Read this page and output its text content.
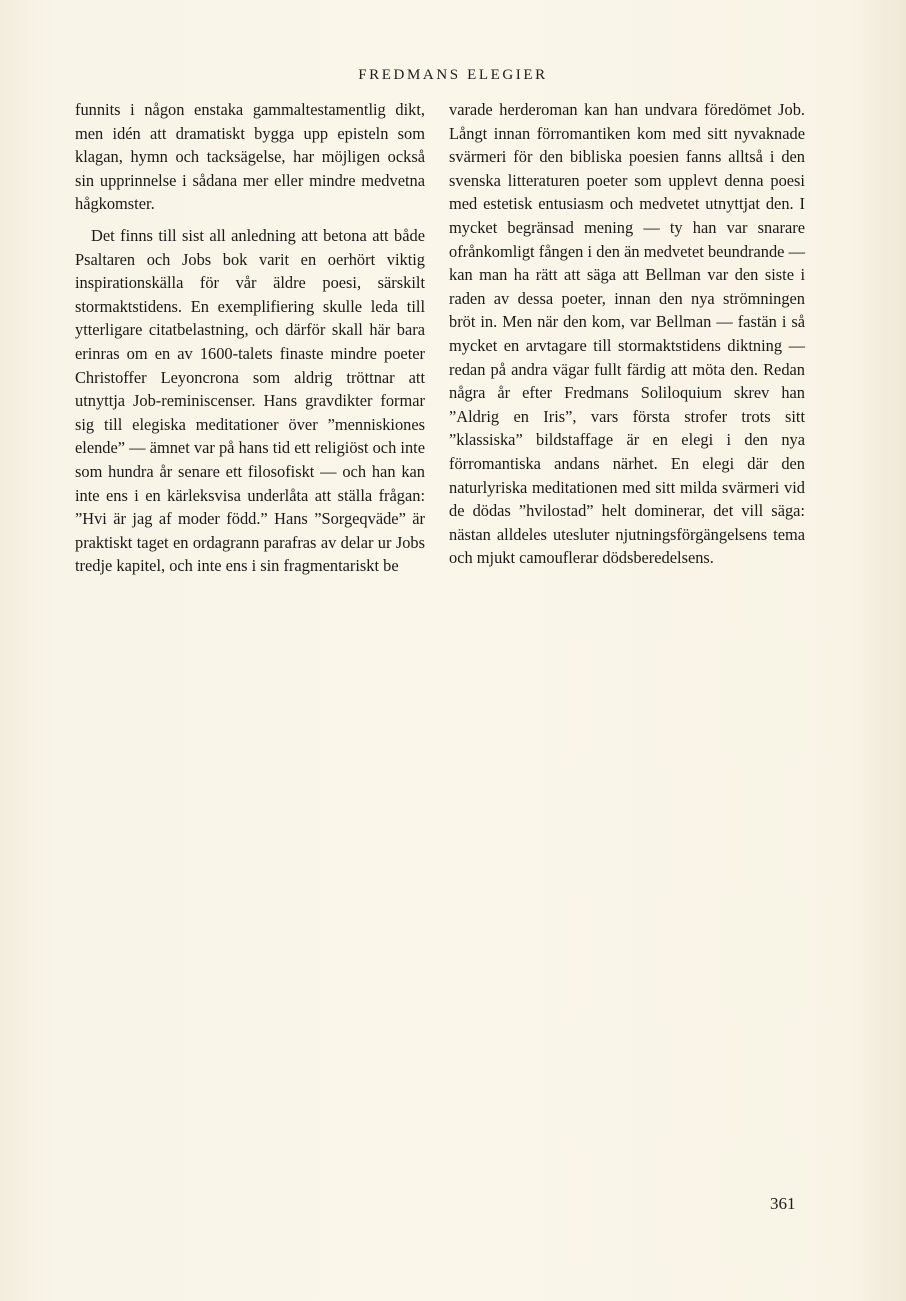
FREDMANS ELEGIER

funnits i någon enstaka gammaltestamentlig dikt, men idén att dramatiskt bygga upp episteln som klagan, hymn och tacksägelse, har möjligen också sin upprinnelse i sådana mer eller mindre medvetna hågkomster.

Det finns till sist all anledning att betona att både Psaltaren och Jobs bok varit en oerhört viktig inspirationskälla för vår äldre poesi, särskilt stormaktstidens. En exemplifiering skulle leda till ytterligare citatbelastning, och därför skall här bara erinras om en av 1600-talets finaste mindre poeter Christoffer Leyoncrona som aldrig tröttnar att utnyttja Job-reminiscenser. Hans gravdikter formar sig till elegiska meditationer över ”menniskiones elende” — ämnet var på hans tid ett religiöst och inte som hundra år senare ett filosofiskt — och han kan inte ens i en kärleksvisa underlåta att ställa frågan: ”Hvi är jag af moder född.” Hans ”Sorgeqväde” är praktiskt taget en ordagrann parafras av delar ur Jobs tredje kapitel, och inte ens i sin fragmentariskt be

varade herderoman kan han undvara föredömet Job. Långt innan förromantiken kom med sitt nyvaknade svärmeri för den bibliska poesien fanns alltså i den svenska litteraturen poeter som upplevt denna poesi med estetisk entusiasm och medvetet utnyttjat den. I mycket begränsad mening — ty han var snarare ofrånkomligt fången i den än medvetet beundrande — kan man ha rätt att säga att Bellman var den siste i raden av dessa poeter, innan den nya strömningen bröt in. Men när den kom, var Bellman — fastän i så mycket en arvtagare till stormaktstidens diktning — redan på andra vägar fullt färdig att möta den. Redan några år efter Fredmans Soliloquium skrev han ”Aldrig en Iris”, vars första strofer trots sitt ”klassiska” bildstaffage är en elegi i den nya förromantiska andans närhet. En elegi där den naturlyriska meditationen med sitt milda svärmeri vid de dödas ”hvilostad” helt dominerar, det vill säga: nästan alldeles utesluter njutningsförgängelsens tema och mjukt camouflerar dödsberedelsens.

361
